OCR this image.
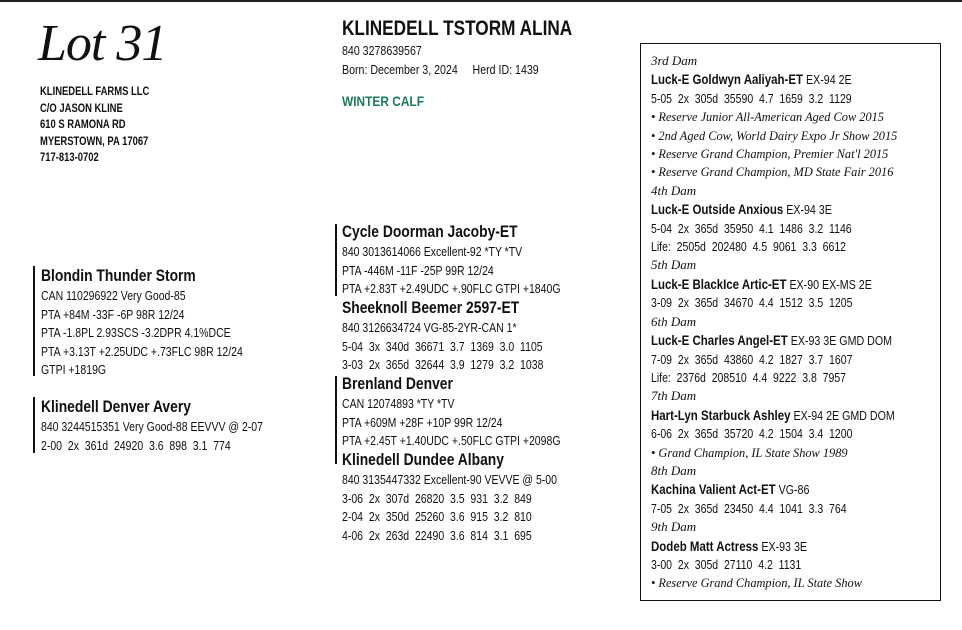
Lot 31
KLINEDELL FARMS LLC
C/O JASON KLINE
610 S RAMONA RD
MYERSTOWN, PA 17067
717-813-0702
KLINEDELL TSTORM ALINA
840 3278639567
Born: December 3, 2024     Herd ID: 1439
WINTER CALF
Blondin Thunder Storm
CAN 110296922 Very Good-85
PTA +84M -33F -6P 98R 12/24
PTA -1.8PL 2.93SCS -3.2DPR 4.1%DCE
PTA +3.13T +2.25UDC +.73FLC 98R 12/24
GTPI +1819G
Klinedell Denver Avery
840 3244515351 Very Good-88 EEVVV @ 2-07
2-00  2x  361d  24920  3.6  898  3.1  774
Cycle Doorman Jacoby-ET
840 3013614066 Excellent-92 *TY *TV
PTA -446M -11F -25P 99R 12/24
PTA +2.83T +2.49UDC +.90FLC GTPI +1840G
Sheeknoll Beemer 2597-ET
840 3126634724 VG-85-2YR-CAN 1*
5-04  3x  340d  36671  3.7  1369  3.0  1105
3-03  2x  365d  32644  3.9  1279  3.2  1038
Brenland Denver
CAN 12074893 *TY *TV
PTA +609M +28F +10P 99R 12/24
PTA +2.45T +1.40UDC +.50FLC GTPI +2098G
Klinedell Dundee Albany
840 3135447332 Excellent-90 VEVVE @ 5-00
3-06  2x  307d  26820  3.5  931  3.2  849
2-04  2x  350d  25260  3.6  915  3.2  810
4-06  2x  263d  22490  3.6  814  3.1  695
3rd Dam
Luck-E Goldwyn Aaliyah-ET EX-94 2E
5-05  2x  305d  35590  4.7  1659  3.2  1129
• Reserve Junior All-American Aged Cow 2015
• 2nd Aged Cow, World Dairy Expo Jr Show 2015
• Reserve Grand Champion, Premier Nat'l 2015
• Reserve Grand Champion, MD State Fair 2016
4th Dam
Luck-E Outside Anxious EX-94 3E
5-04  2x  365d  35950  4.1  1486  3.2  1146
Life:  2505d  202480  4.5  9061  3.3  6612
5th Dam
Luck-E BlackIce Artic-ET EX-90 EX-MS 2E
3-09  2x  365d  34670  4.4  1512  3.5  1205
6th Dam
Luck-E Charles Angel-ET EX-93 3E GMD DOM
7-09  2x  365d  43860  4.2  1827  3.7  1607
Life:  2376d  208510  4.4  9222  3.8  7957
7th Dam
Hart-Lyn Starbuck Ashley EX-94 2E GMD DOM
6-06  2x  365d  35720  4.2  1504  3.4  1200
• Grand Champion, IL State Show 1989
8th Dam
Kachina Valient Act-ET VG-86
7-05  2x  365d  23450  4.4  1041  3.3  764
9th Dam
Dodeb Matt Actress EX-93 3E
3-00  2x  305d  27110  4.2  1131
• Reserve Grand Champion, IL State Show
